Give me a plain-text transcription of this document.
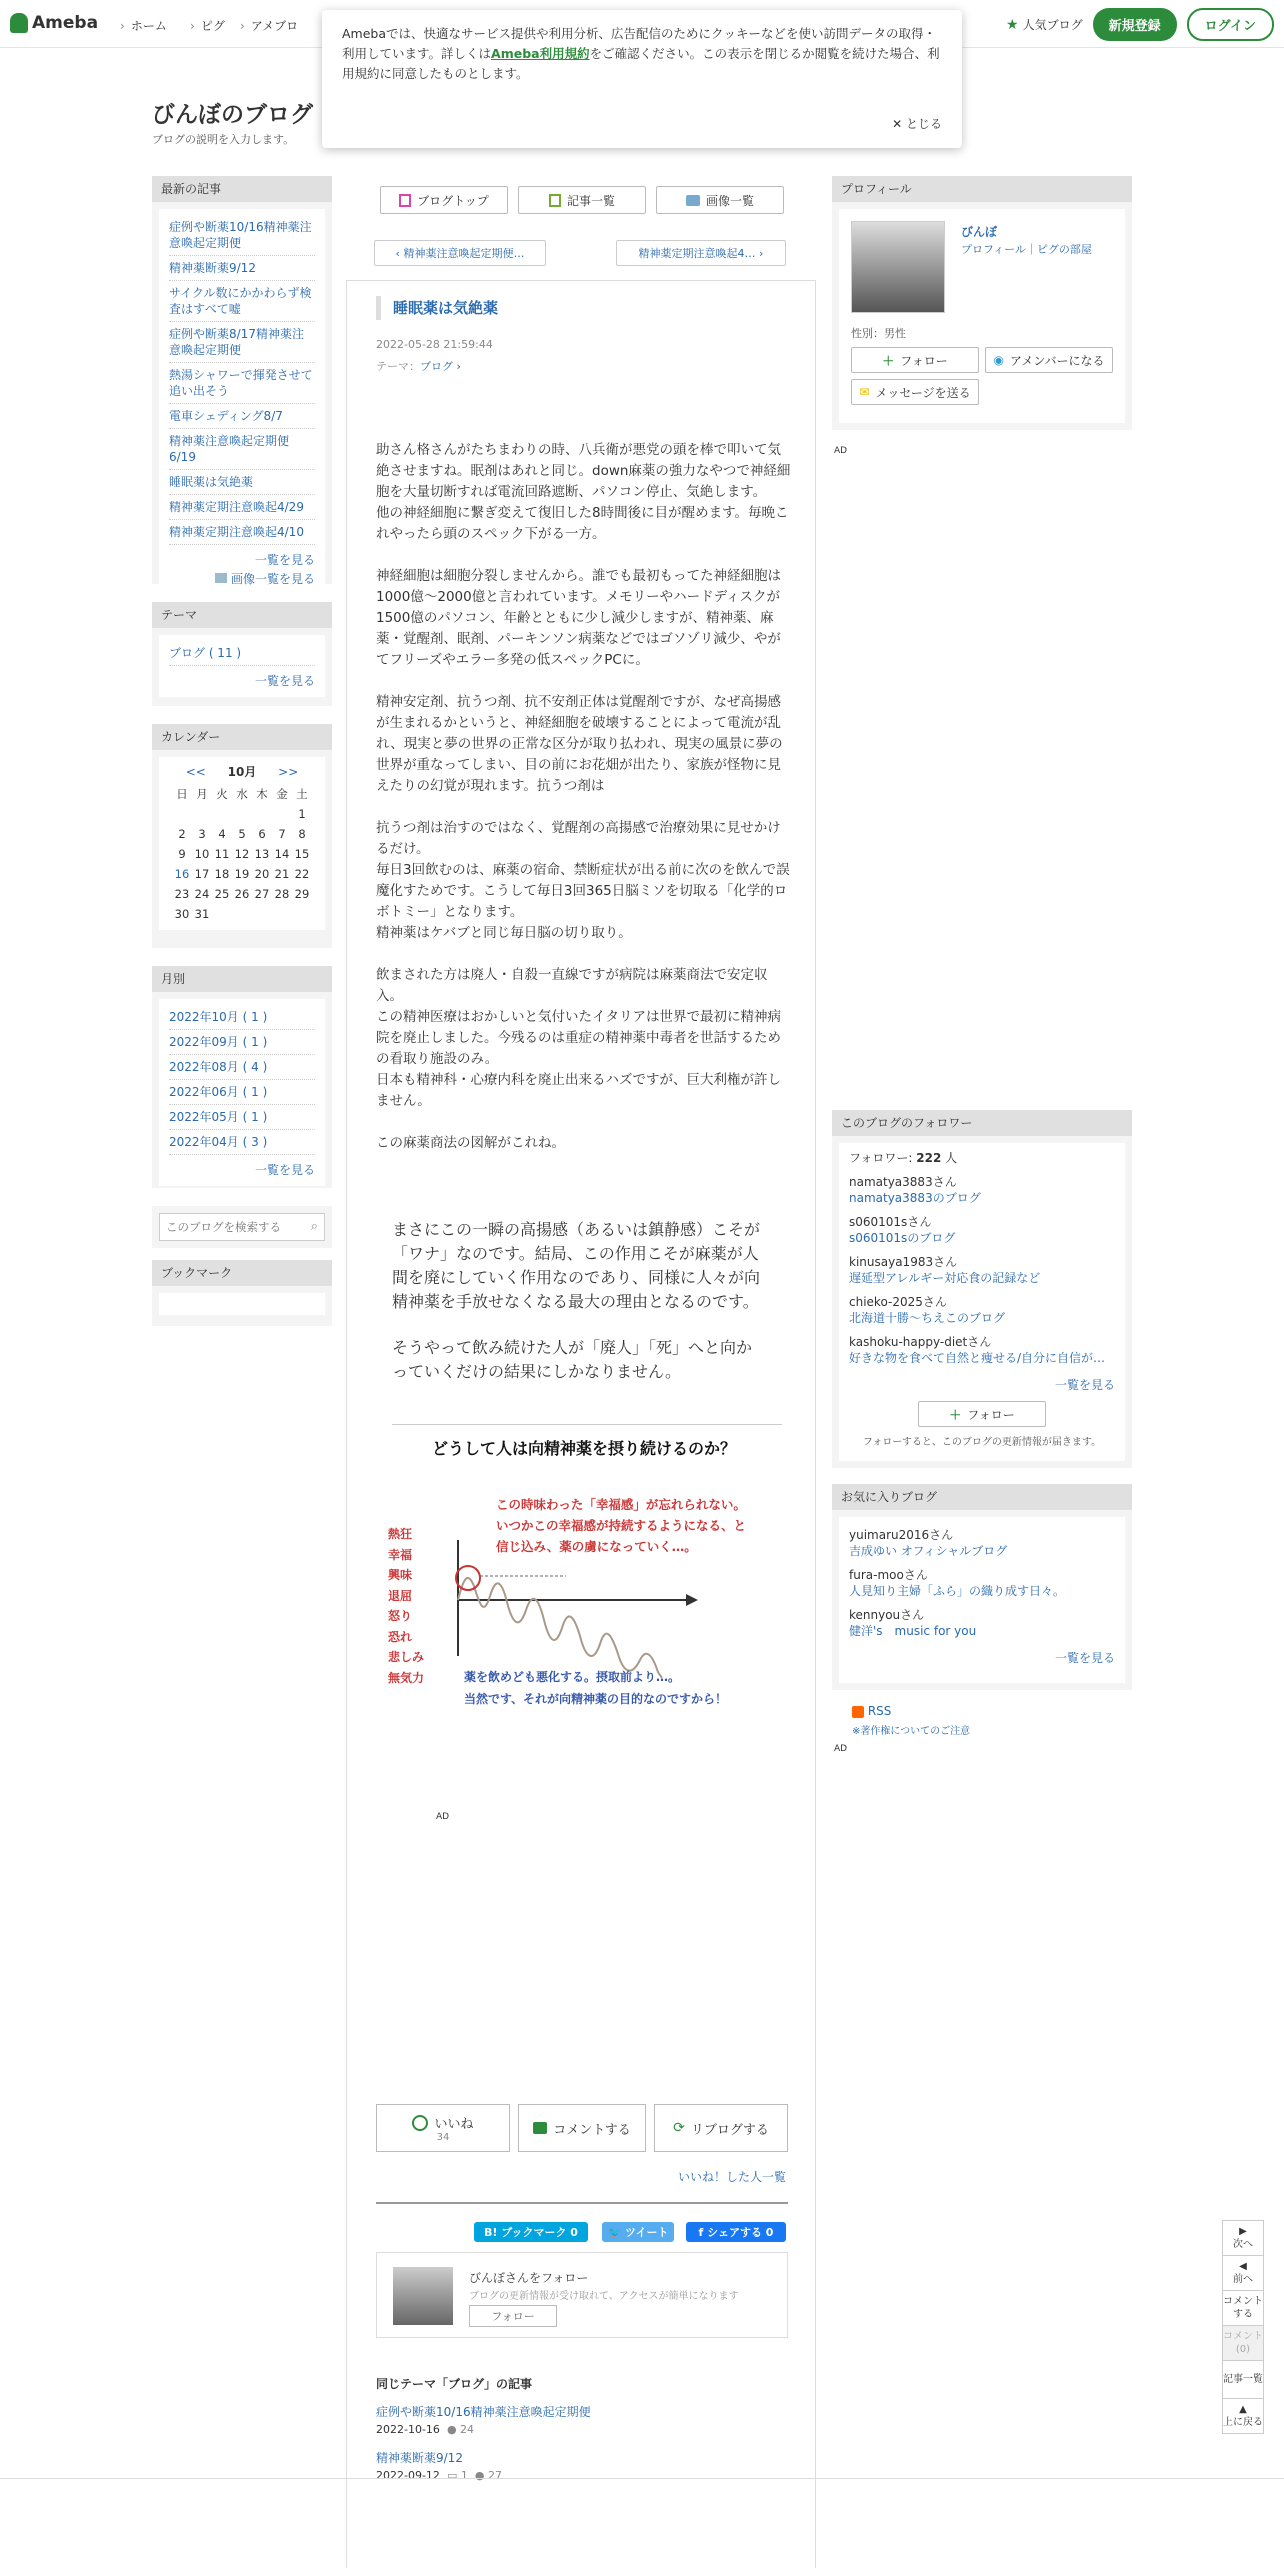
Ameba	› ホーム	› ピグ	› アメブロ	★ 人気ブログ	新規登録	ログイン
びんぼのブログ
ブログの説明を入力します。
最新の記事
症例や断薬10/16精神薬注意喚起定期便
精神薬断薬9/12
サイクル数にかかわらず検査はすべて嘘
症例や断薬8/17精神薬注意喚起定期便
熱湯シャワーで揮発させて追い出そう
電車シェディング8/7
精神薬注意喚起定期便6/19
睡眠薬は気絶薬
精神薬定期注意喚起4/29
精神薬定期注意喚起4/10
一覧を見る
画像一覧を見る
テーマ
ブログ ( 11 )
一覧を見る
カレンダー
<< 10月 >>
日	月	火	水	木	金	土
						1
2	3	4	5	6	7	8
9	10	11	12	13	14	15
16	17	18	19	20	21	22
23	24	25	26	27	28	29
30	31					
月別
2022年10月 ( 1 )
2022年09月 ( 1 )
2022年08月 ( 4 )
2022年06月 ( 1 )
2022年05月 ( 1 )
2022年04月 ( 3 )
一覧を見る
このブログを検索する
⌕
ブックマーク
ブログトップ	記事一覧	画像一覧
‹ 精神薬注意喚起定期便…	精神薬定期注意喚起4… ›
睡眠薬は気絶薬
2022-05-28 21:59:44
テーマ：ブログ ›

助さん格さんがたちまわりの時、八兵衛が悪党の頭を棒で叩いて気絶させますね。眠剤はあれと同じ。down麻薬の強力なやつで神経細胞を大量切断すれば電流回路遮断、パソコン停止、気絶します。
他の神経細胞に繋ぎ変えて復旧した8時間後に目が醒めます。毎晩これやったら頭のスペック下がる一方。

神経細胞は細胞分裂しませんから。誰でも最初もってた神経細胞は1000億〜2000億と言われています。メモリーやハードディスクが1500億のパソコン、年齢とともに少し減少しますが、精神薬、麻薬・覚醒剤、眠剤、パーキンソン病薬などではゴソゾリ減少、やがてフリーズやエラー多発の低スペックPCに。

精神安定剤、抗うつ剤、抗不安剤正体は覚醒剤ですが、なぜ高揚感が生まれるかというと、神経細胞を破壊することによって電流が乱れ、現実と夢の世界の正常な区分が取り払われ、現実の風景に夢の世界が重なってしまい、目の前にお花畑が出たり、家族が怪物に見えたりの幻覚が現れます。抗うつ剤は

抗うつ剤は治すのではなく、覚醒剤の高揚感で治療効果に見せかけるだけ。
毎日3回飲むのは、麻薬の宿命、禁断症状が出る前に次のを飲んで誤魔化すためです。こうして毎日3回365日脳ミソを切取る「化学的ロボトミー」となります。
精神薬はケバブと同じ毎日脳の切り取り。

飲まされた方は廃人・自殺一直線ですが病院は麻薬商法で安定収入。
この精神医療はおかしいと気付いたイタリアは世界で最初に精神病院を廃止しました。今残るのは重症の精神薬中毒者を世話するための看取り施設のみ。
日本も精神科・心療内科を廃止出来るハズですが、巨大利権が許しません。

この麻薬商法の図解がこれね。

まさにこの一瞬の高揚感（あるいは鎮静感）こそが「ワナ」なのです。結局、この作用こそが麻薬が人間を廃にしていく作用なのであり、同様に人々が向精神薬を手放せなくなる最大の理由となるのです。

そうやって飲み続けた人が「廃人」「死」へと向かっていくだけの結果にしかなりません。

どうして人は向精神薬を摂り続けるのか？
熱狂
幸福
興味
退屈
怒り
恐れ
悲しみ
無気力
この時味わった「幸福感」が忘れられない。
いつかこの幸福感が持続するようになる、と
信じ込み、薬の虜になっていく…。
薬を飲めども悪化する。摂取前より…。
当然です、それが向精神薬の目的なのですから！
AD
いいね
34	コメントする	⟳ リブログする
いいね！した人一覧
B! ブックマーク 0	🐦 ツイート	f シェアする 0
びんぼさんをフォロー
ブログの更新情報が受け取れて、アクセスが簡単になります
フォロー
同じテーマ「ブログ」の記事
症例や断薬10/16精神薬注意喚起定期便
2022-10-16 ● 24
精神薬断薬9/12
2022-09-12 ▭ 1 ● 27
プロフィール
びんぼ
プロフィール｜ピグの部屋
性別：男性
＋ フォロー	◉ アメンバーになる
✉ メッセージを送る
AD
このブログのフォロワー
フォロワー: 222 人
namatya3883さん
namatya3883のブログ
s060101sさん
s060101sのブログ
kinusaya1983さん
遅延型アレルギー対応食の記録など
chieko-2025さん
北海道十勝～ちえこのブログ
kashoku-happy-dietさん
好きな物を食べて自然と痩せる/自分に自信が…
一覧を見る
＋ フォロー
フォローすると、このブログの更新情報が届きます。
お気に入りブログ
yuimaru2016さん
吉成ゆい オフィシャルブログ
fura-mooさん
人見知り主婦「ふら」の織り成す日々。
kennyouさん
健洋's　music for you
一覧を見る
RSS
※著作権についてのご注意
AD
▶
次へ
◀
前へ
コメントする
コメント(0)
記事一覧
▲
上に戻る
Amebaでは、快適なサービス提供や利用分析、広告配信のためにクッキーなどを使い訪問データの取得・利用しています。詳しくはAmeba利用規約をご確認ください。この表示を閉じるか閲覧を続けた場合、利用規約に同意したものとします。
✕ とじる
